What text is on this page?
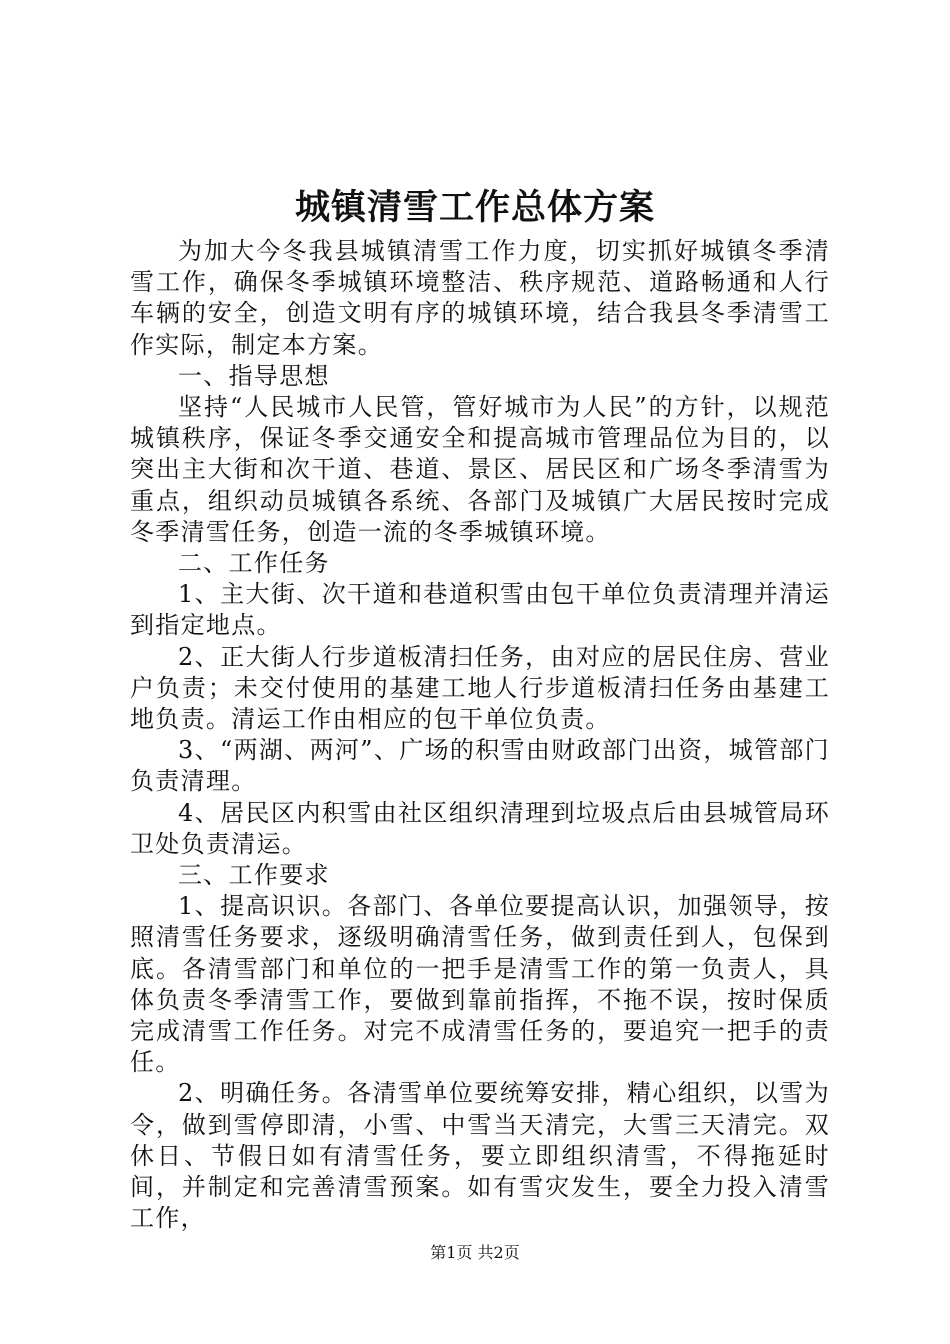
城镇清雪工作总体方案

为加大今冬我县城镇清雪工作力度，切实抓好城镇冬季清雪工作，确保冬季城镇环境整洁、秩序规范、道路畅通和人行车辆的安全，创造文明有序的城镇环境，结合我县冬季清雪工作实际，制定本方案。

一、指导思想

坚持“人民城市人民管，管好城市为人民”的方针，以规范城镇秩序，保证冬季交通安全和提高城市管理品位为目的，以突出主大街和次干道、巷道、景区、居民区和广场冬季清雪为重点，组织动员城镇各系统、各部门及城镇广大居民按时完成冬季清雪任务，创造一流的冬季城镇环境。

二、工作任务

1、主大街、次干道和巷道积雪由包干单位负责清理并清运到指定地点。

2、正大街人行步道板清扫任务，由对应的居民住房、营业户负责；未交付使用的基建工地人行步道板清扫任务由基建工地负责。清运工作由相应的包干单位负责。

3、“两湖、两河”、广场的积雪由财政部门出资，城管部门负责清理。

4、居民区内积雪由社区组织清理到垃圾点后由县城管局环卫处负责清运。

三、工作要求

1、提高识识。各部门、各单位要提高认识，加强领导，按照清雪任务要求，逐级明确清雪任务，做到责任到人，包保到底。各清雪部门和单位的一把手是清雪工作的第一负责人，具体负责冬季清雪工作，要做到靠前指挥，不拖不误，按时保质完成清雪工作任务。对完不成清雪任务的，要追究一把手的责任。

2、明确任务。各清雪单位要统筹安排，精心组织，以雪为令，做到雪停即清，小雪、中雪当天清完，大雪三天清完。双休日、节假日如有清雪任务，要立即组织清雪，不得拖延时间，并制定和完善清雪预案。如有雪灾发生，要全力投入清雪工作，

第1页 共2页
